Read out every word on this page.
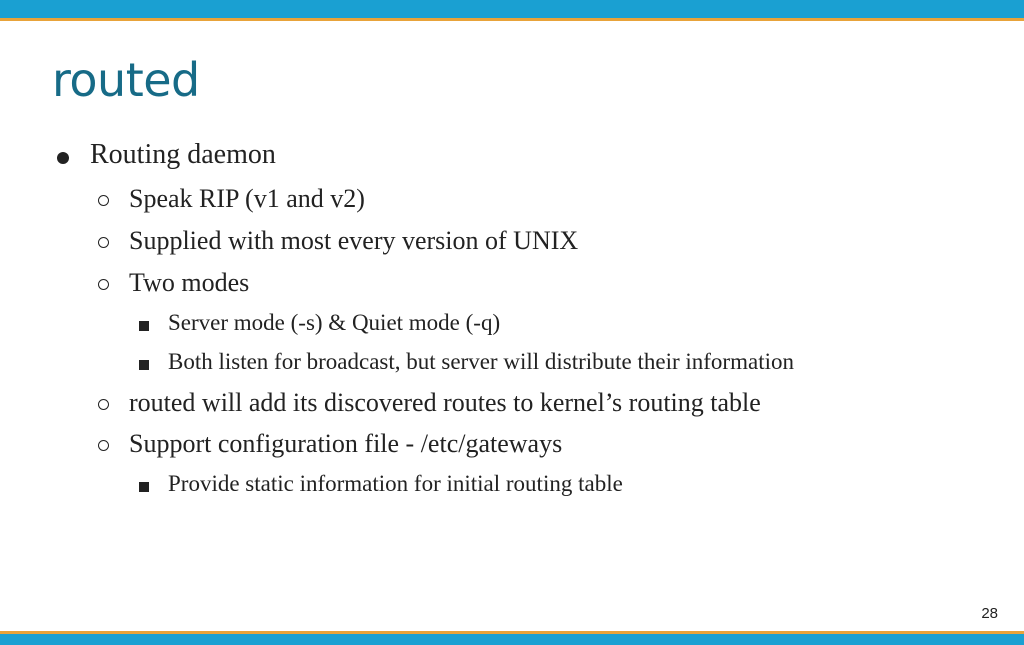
routed
Routing daemon
Speak RIP (v1 and v2)
Supplied with most every version of UNIX
Two modes
Server mode (-s) & Quiet mode (-q)
Both listen for broadcast, but server will distribute their information
routed will add its discovered routes to kernel’s routing table
Support configuration file - /etc/gateways
Provide static information for initial routing table
28
